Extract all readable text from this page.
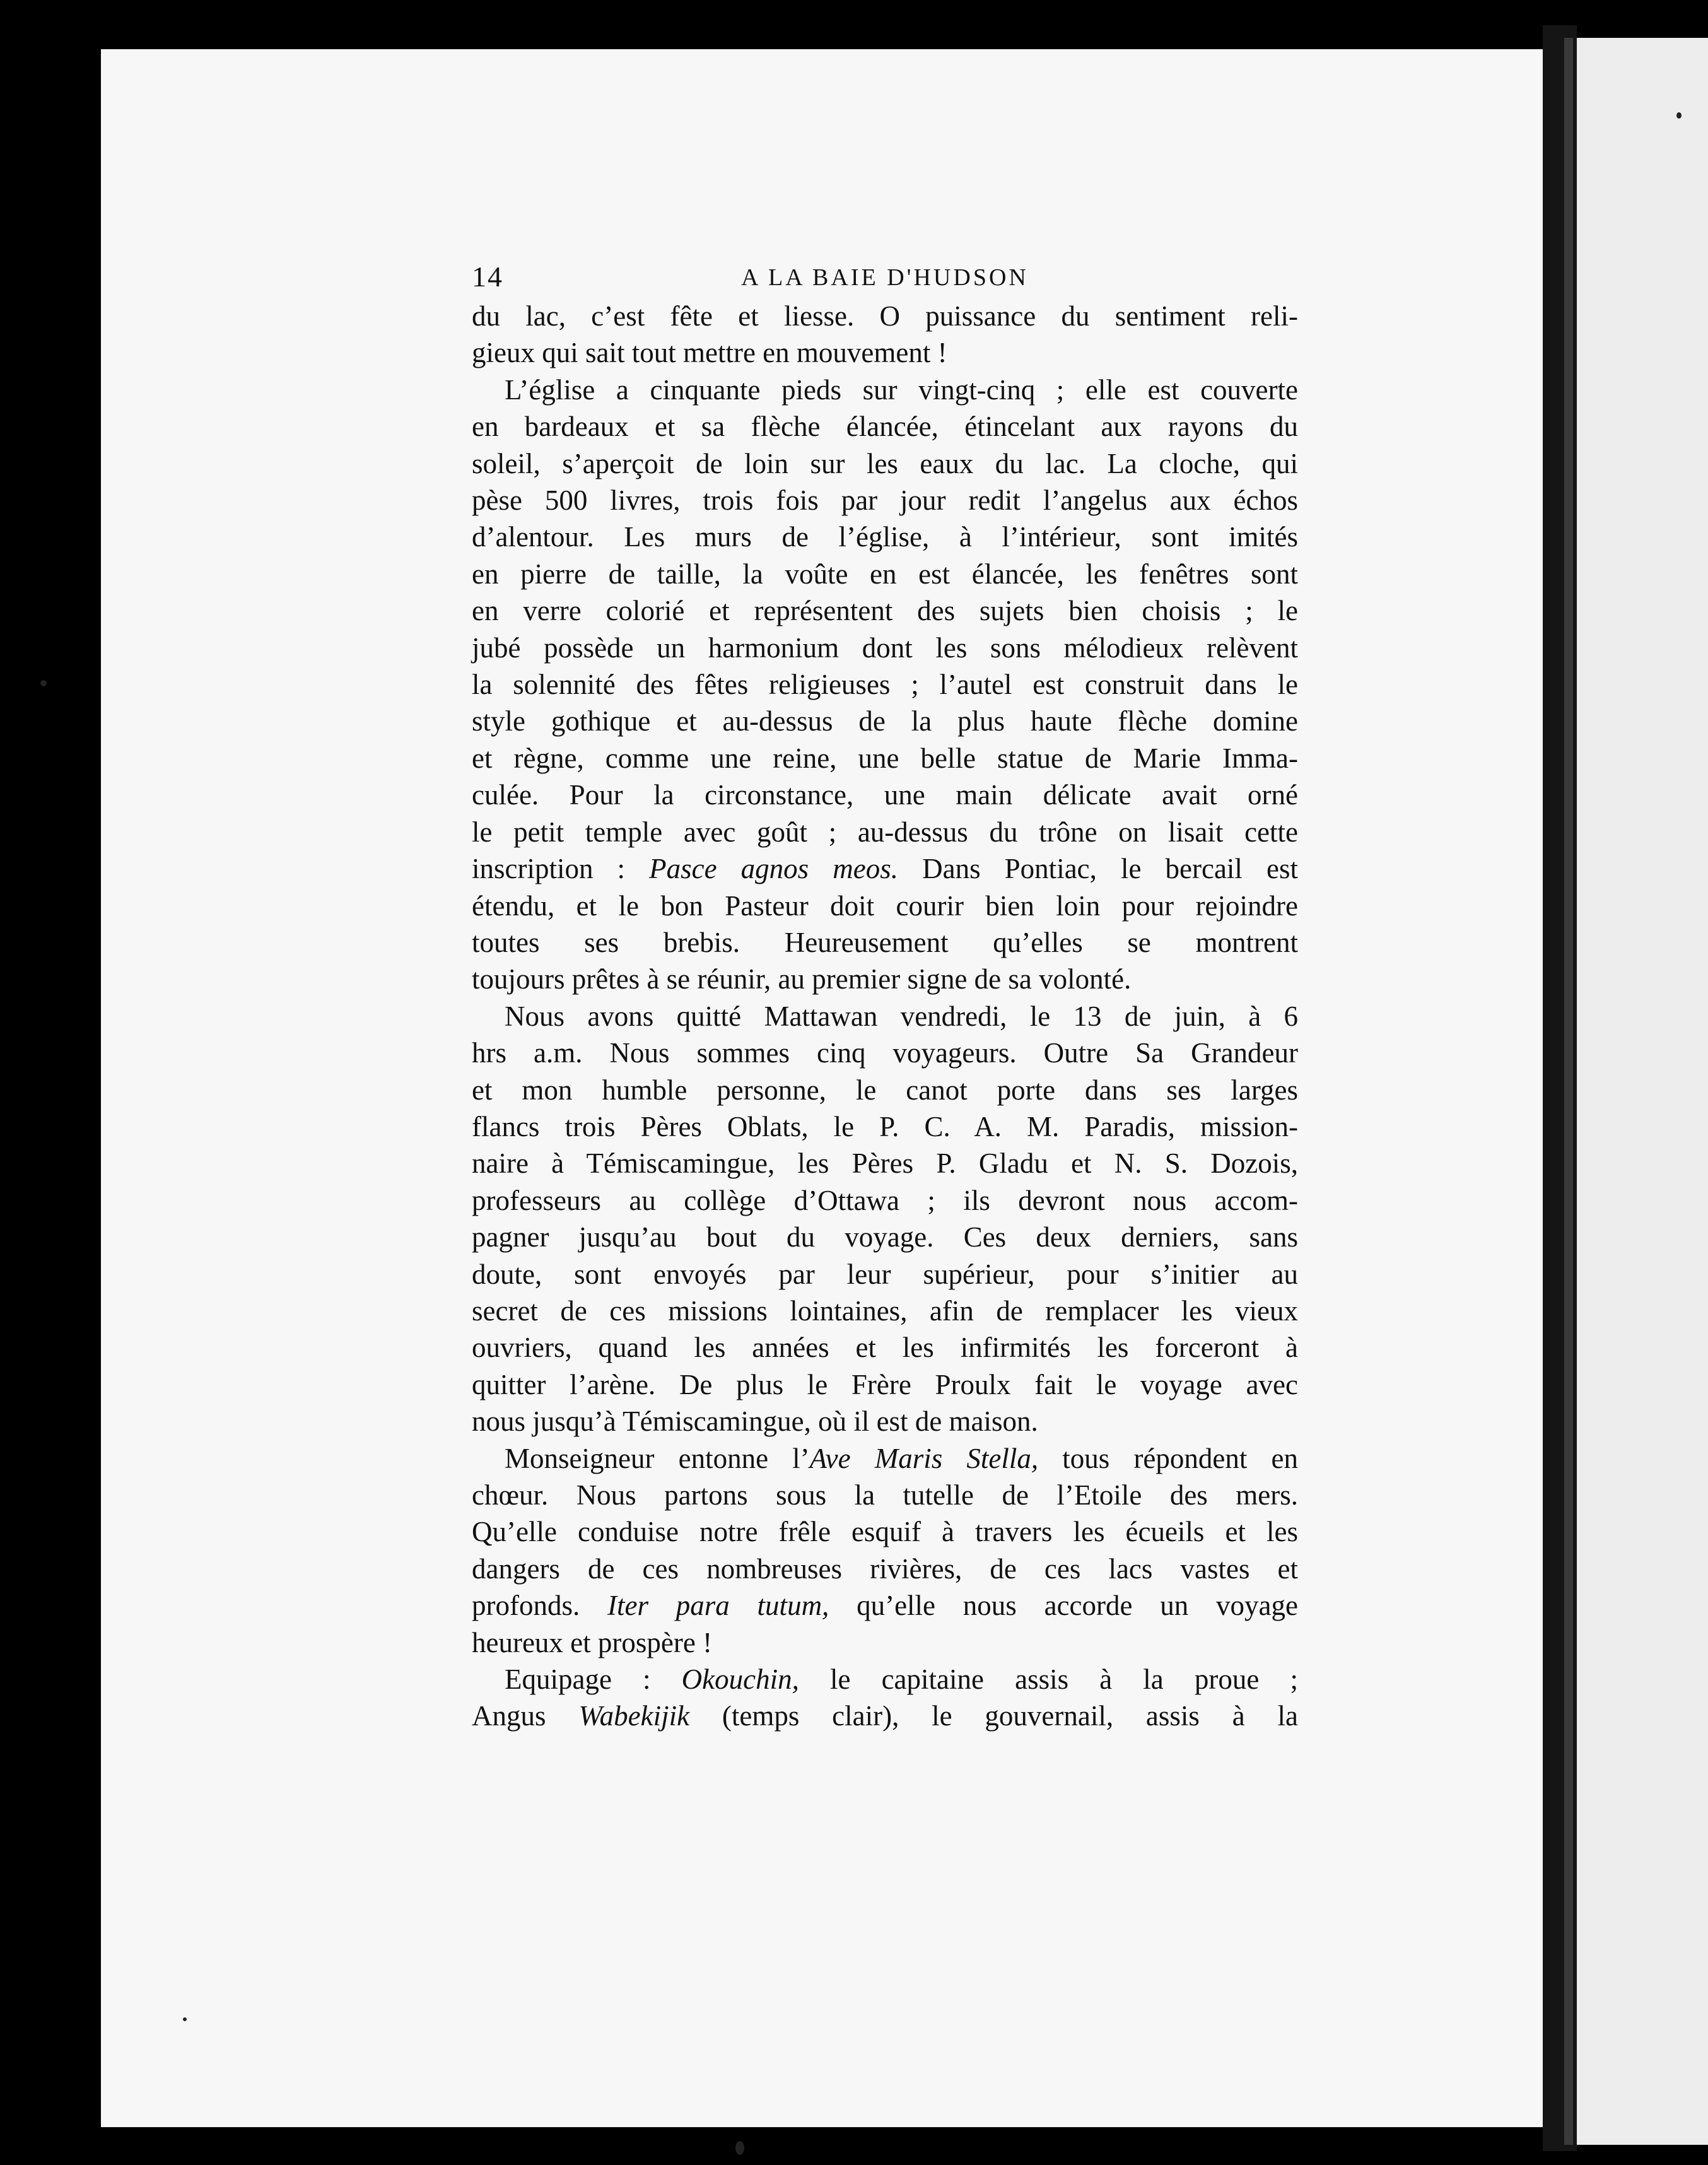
14	A LA BAIE D'HUDSON

du lac, c’est fête et liesse. O puissance du sentiment reli-
gieux qui sait tout mettre en mouvement !

L’église a cinquante pieds sur vingt-cinq ; elle est couverte
en bardeaux et sa flèche élancée, étincelant aux rayons du
soleil, s’aperçoit de loin sur les eaux du lac. La cloche, qui
pèse 500 livres, trois fois par jour redit l’angelus aux échos
d’alentour. Les murs de l’église, à l’intérieur, sont imités
en pierre de taille, la voûte en est élancée, les fenêtres sont
en verre colorié et représentent des sujets bien choisis ; le
jubé possède un harmonium dont les sons mélodieux relèvent
la solennité des fêtes religieuses ; l’autel est construit dans le
style gothique et au-dessus de la plus haute flèche domine
et règne, comme une reine, une belle statue de Marie Imma-
culée. Pour la circonstance, une main délicate avait orné
le petit temple avec goût ; au-dessus du trône on lisait cette
inscription : Pasce agnos meos. Dans Pontiac, le bercail est
étendu, et le bon Pasteur doit courir bien loin pour rejoindre
toutes ses brebis. Heureusement qu’elles se montrent
toujours prêtes à se réunir, au premier signe de sa volonté.

Nous avons quitté Mattawan vendredi, le 13 de juin, à 6
hrs a.m. Nous sommes cinq voyageurs. Outre Sa Grandeur
et mon humble personne, le canot porte dans ses larges
flancs trois Pères Oblats, le P. C. A. M. Paradis, mission-
naire à Témiscamingue, les Pères P. Gladu et N. S. Dozois,
professeurs au collège d’Ottawa ; ils devront nous accom-
pagner jusqu’au bout du voyage. Ces deux derniers, sans
doute, sont envoyés par leur supérieur, pour s’initier au
secret de ces missions lointaines, afin de remplacer les vieux
ouvriers, quand les années et les infirmités les forceront à
quitter l’arène. De plus le Frère Proulx fait le voyage avec
nous jusqu’à Témiscamingue, où il est de maison.

Monseigneur entonne l’Ave Maris Stella, tous répondent en
chœur. Nous partons sous la tutelle de l’Etoile des mers.
Qu’elle conduise notre frêle esquif à travers les écueils et les
dangers de ces nombreuses rivières, de ces lacs vastes et
profonds. Iter para tutum, qu’elle nous accorde un voyage
heureux et prospère !

Equipage : Okouchin, le capitaine assis à la proue ;
Angus Wabekijik (temps clair), le gouvernail, assis à la
